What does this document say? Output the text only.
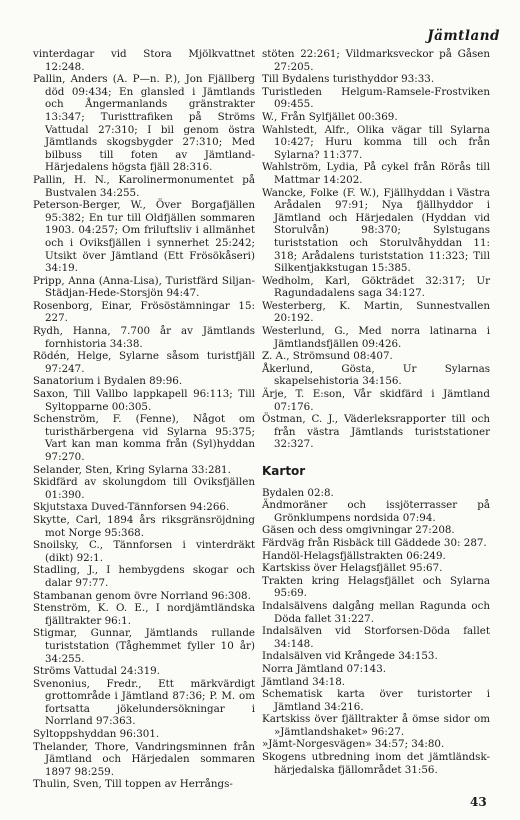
Jämtland

vinterdagar vid Stora Mjölkvattnet 12:248.

Pallin, Anders (A. P—n. P.), Jon Fjällberg död 09:434; En glansled i Jämtlands och Ångermanlands gränstrakter 13:347; Turisttrafiken på Ströms Vattudal 27:310; I bil genom östra Jämtlands skogsbygder 27:310; Med bilbuss till foten av Jämtland-Härjedalens högsta fjäll 28:316.

Pallin, H. N., Karolinermonumentet på Bustvalen 34:255.

Peterson-Berger, W., Över Borgafjällen 95:382; En tur till Oldfjällen sommaren 1903. 04:257; Om friluftsliv i allmänhet och i Oviksfjällen i synnerhet 25:242; Utsikt över Jämtland (Ett Frösökåseri) 34:19.

Pripp, Anna (Anna-Lisa), Turistfärd Siljan-Städjan-Hede-Storsjön 94:47.

Rosenborg, Einar, Frösöstämningar 15: 227.

Rydh, Hanna, 7.700 år av Jämtlands fornhistoria 34:38.

Rödén, Helge, Sylarne såsom turistfjäll 97:247.

Sanatorium i Bydalen 89:96.

Saxon, Till Vallbo lappkapell 96:113; Till Syltopparne 00:305.

Schenström, F. (Fenne), Något om turisthärbergena vid Sylarna 95:375; Vart kan man komma från (Syl)hyddan 97:270.

Selander, Sten, Kring Sylarna 33:281.

Skidfärd av skolungdom till Oviksfjällen 01:390.

Skjutstaxa Duved-Tännforsen 94:266.

Skytte, Carl, 1894 års riksgränsröjdning mot Norge 95:368.

Snoilsky, C., Tännforsen i vinterdräkt (dikt) 92:1.

Stadling, J., I hembygdens skogar och dalar 97:77.

Stambanan genom övre Norrland 96:308.

Stenström, K. O. E., I nordjämtländska fjälltrakter 96:1.

Stigmar, Gunnar, Jämtlands rullande turiststation (Tåghemmet fyller 10 år) 34:255.

Ströms Vattudal 24:319.

Svenonius, Fredr., Ett märkvärdigt grottområde i Jämtland 87:36; P. M. om fortsatta jökelundersökningar i Norrland 97:363.

Syltoppshyddan 96:301.

Thelander, Thore, Vandringsminnen från Jämtland och Härjedalen sommaren 1897 98:259.

Thulin, Sven, Till toppen av Herrångs-

stöten 22:261; Vildmarksveckor på Gåsen 27:205.

Till Bydalens turisthyddor 93:33.

Turistleden Helgum-Ramsele-Frostviken 09:455.

W., Från Sylfjället 00:369.

Wahlstedt, Alfr., Olika vägar till Sylarna 10:427; Huru komma till och från Sylarna? 11:377.

Wahlström, Lydia, På cykel från Rörås till Mattmar 14:202.

Wancke, Folke (F. W.), Fjällhyddan i Västra Arådalen 97:91; Nya fjällhyddor i Jämtland och Härjedalen (Hyddan vid Storulvån) 98:370; Sylstugans turiststation och Storulvåhyddan 11: 318; Arådalens turiststation 11:323; Till Silkentjakkstugan 15:385.

Wedholm, Karl, Gökträdet 32:317; Ur Ragundadalens saga 34:127.

Westerberg, K. Martin, Sunnestvallen 20:192.

Westerlund, G., Med norra latinarna i Jämtlandsfjällen 09:426.

Z. A., Strömsund 08:407.

Åkerlund, Gösta, Ur Sylarnas skapelsehistoria 34:156.

Ärje, T. E:son, Vår skidfärd i Jämtland 07:176.

Östman, C. J., Väderleksrapporter till och från västra Jämtlands turiststationer 32:327.

Kartor

Bydalen 02:8.

Ändmoräner och issjöterrasser på Grönklumpens nordsida 07:94.

Gäsen och dess omgivningar 27:208.

Färdväg från Risbäck till Gäddede 30: 287.

Handöl-Helagsfjällstrakten 06:249.

Kartskiss över Helagsfjället 95:67.

Trakten kring Helagsfjället och Sylarna 95:69.

Indalsälvens dalgång mellan Ragunda och Döda fallet 31:227.

Indalsälven vid Storforsen-Döda fallet 34:148.

Indalsälven vid Krångede 34:153.

Norra Jämtland 07:143.

Jämtland 34:18.

Schematisk karta över turistorter i Jämtland 34:216.

Kartskiss över fjälltrakter å ömse sidor om »Jämtlandshaket» 96:27.

»Jämt-Norgesvägen» 34:57; 34:80.

Skogens utbredning inom det jämtländsk-härjedalska fjällområdet 31:56.

43
